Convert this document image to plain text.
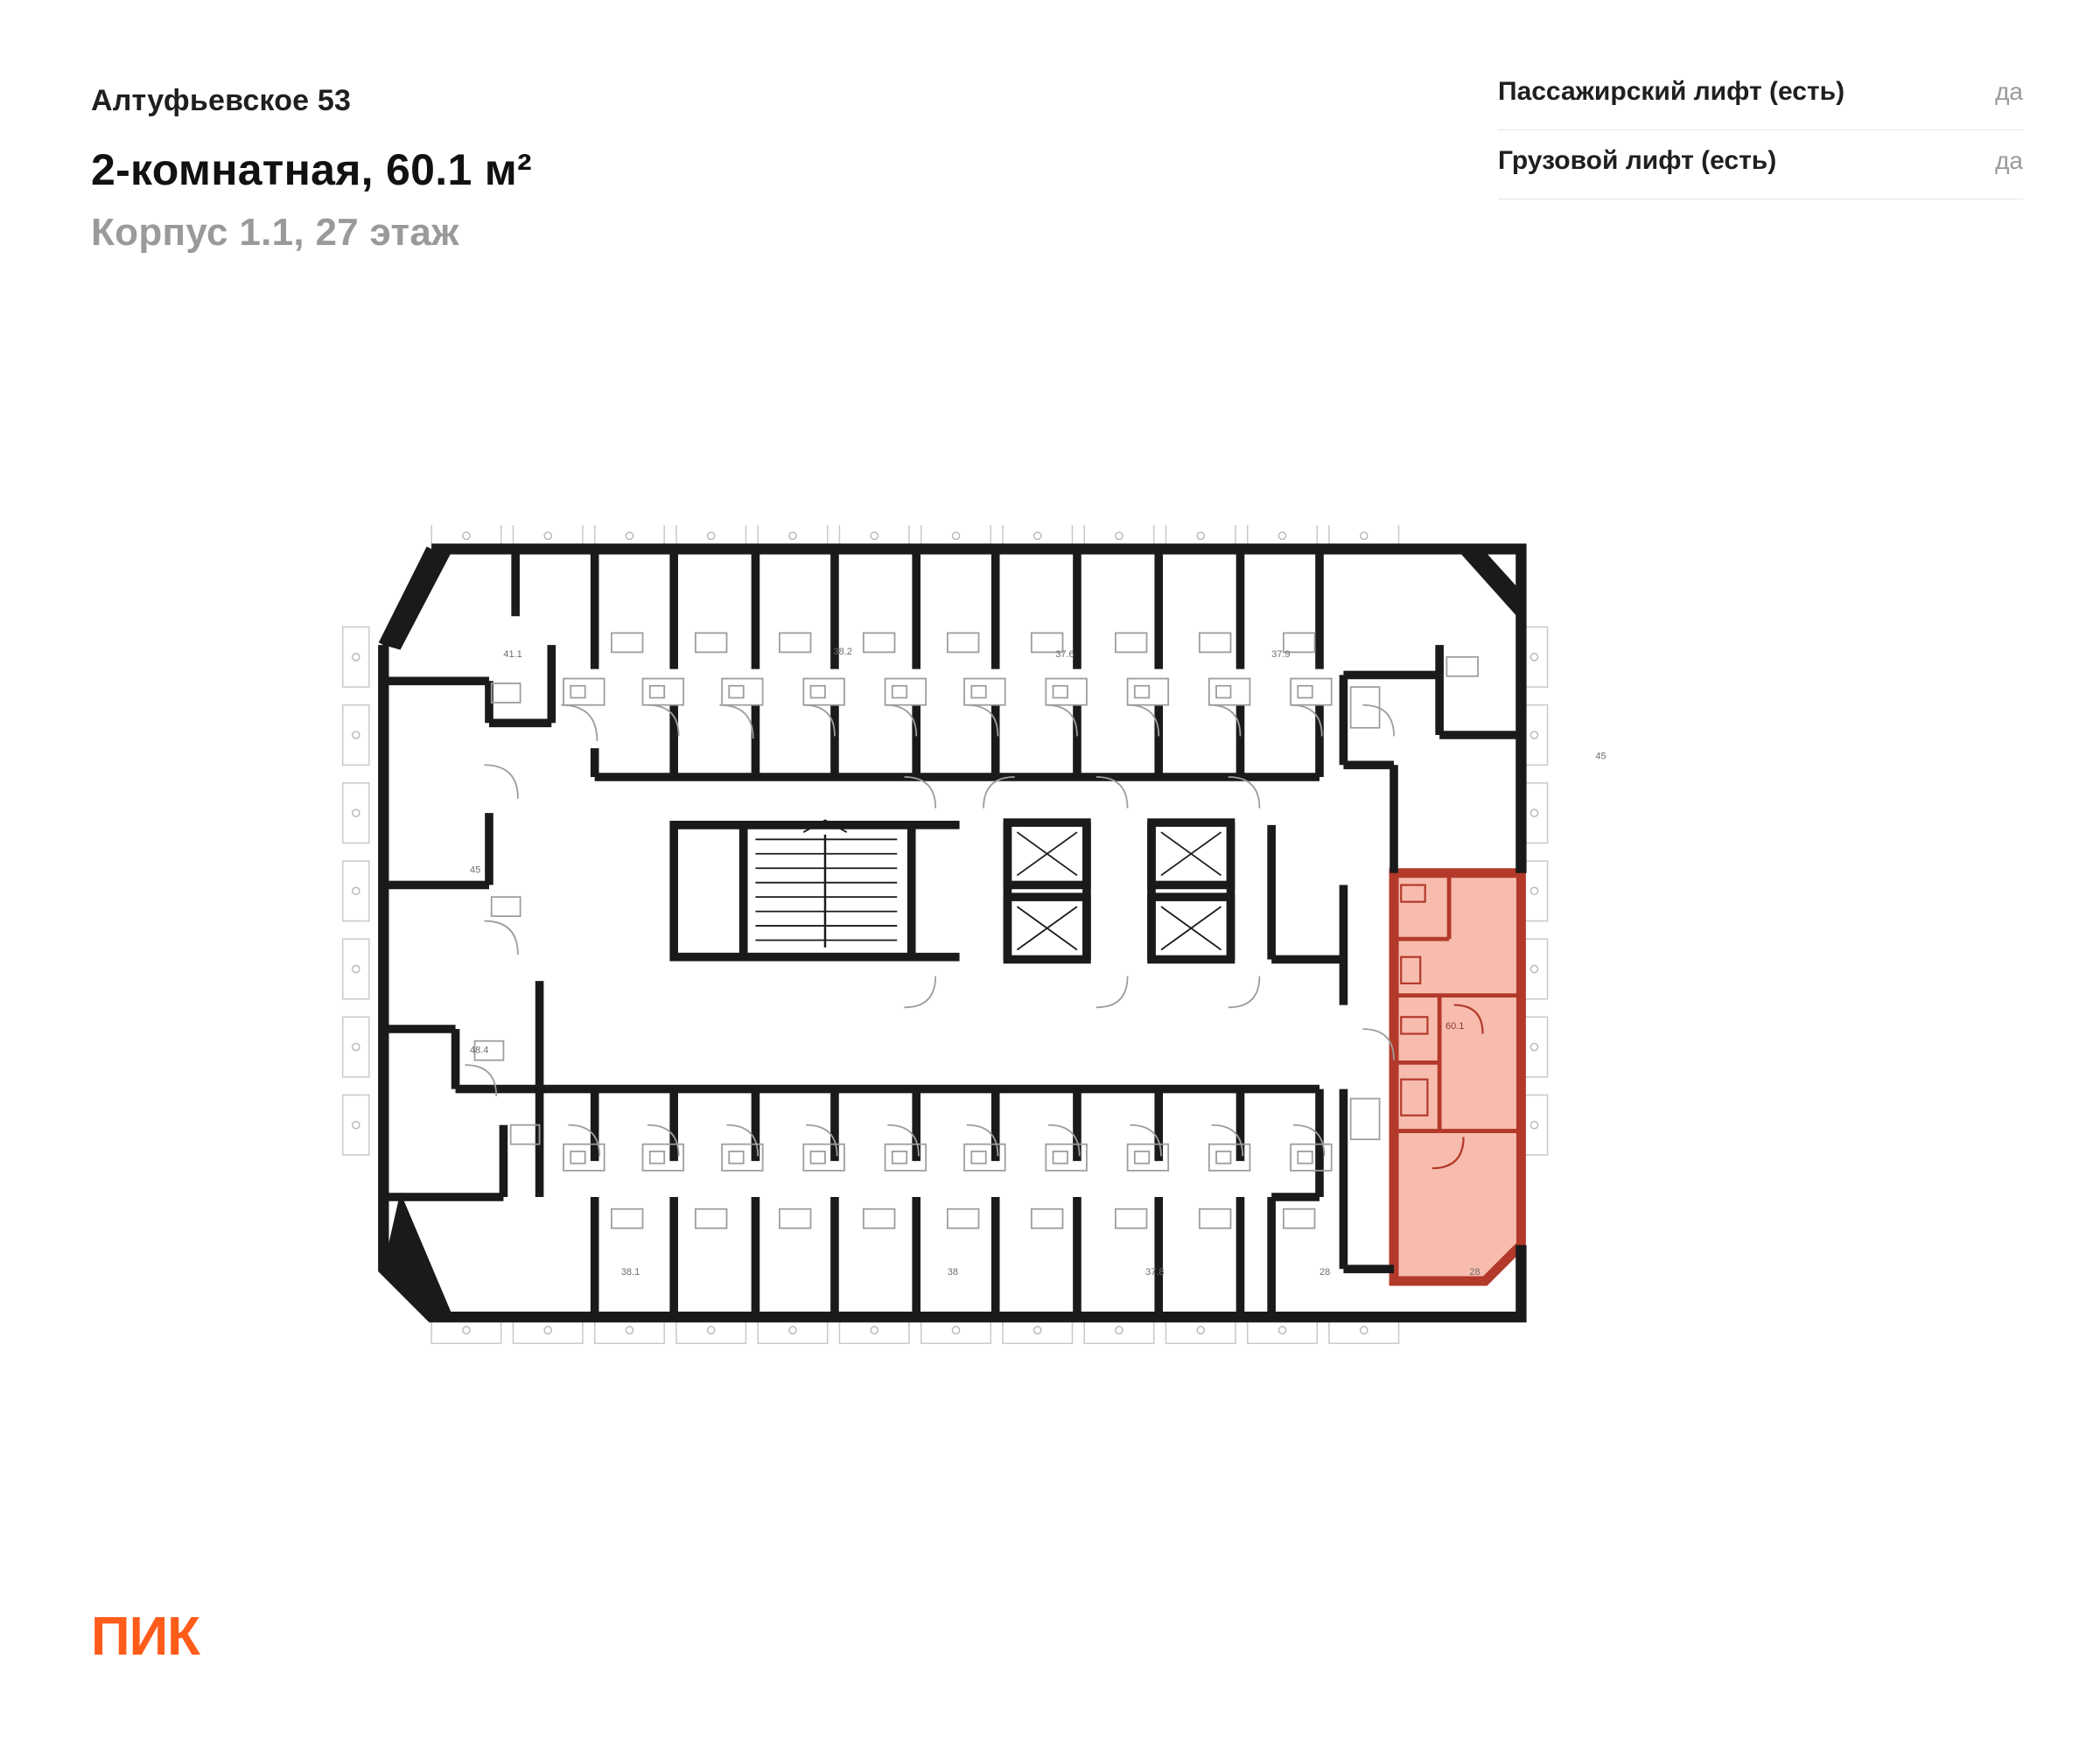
Алтуфьевское 53
2-комнатная, 60.1 м²
Корпус 1.1, 27 этаж
Пассажирский лифт (есть)	да
Грузовой лифт (есть)	да
41.1	38.2	37.6	37.9
45
45
48.4
38.1	38	37.8	28	28
60.1
ПИК
